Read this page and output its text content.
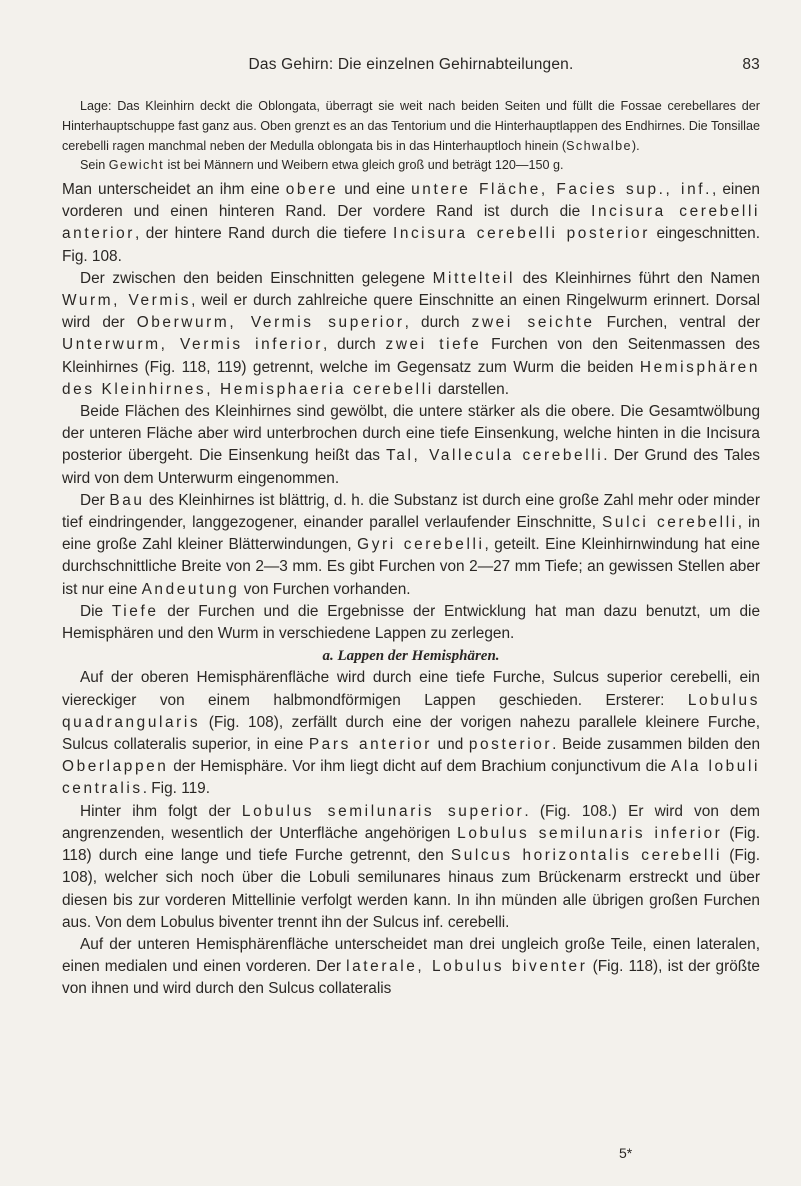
Das Gehirn: Die einzelnen Gehirnabteilungen.	83

Lage: Das Kleinhirn deckt die Oblongata, überragt sie weit nach beiden Seiten und füllt die Fossae cerebellares der Hinterhauptschuppe fast ganz aus. Oben grenzt es an das Tentorium und die Hinterhauptlappen des Endhirnes. Die Tonsillae cerebelli ragen manchmal neben der Medulla oblongata bis in das Hinterhauptloch hinein (Schwalbe).

Sein Gewicht ist bei Männern und Weibern etwa gleich groß und beträgt 120—150 g.

Man unterscheidet an ihm eine obere und eine untere Fläche, Facies sup., inf., einen vorderen und einen hinteren Rand. Der vordere Rand ist durch die Incisura cerebelli anterior, der hintere Rand durch die tiefere Incisura cerebelli posterior eingeschnitten. Fig. 108.

Der zwischen den beiden Einschnitten gelegene Mittelteil des Kleinhirnes führt den Namen Wurm, Vermis, weil er durch zahlreiche quere Einschnitte an einen Ringelwurm erinnert. Dorsal wird der Oberwurm, Vermis superior, durch zwei seichte Furchen, ventral der Unterwurm, Vermis inferior, durch zwei tiefe Furchen von den Seitenmassen des Kleinhirnes (Fig. 118, 119) getrennt, welche im Gegensatz zum Wurm die beiden Hemisphären des Kleinhirnes, Hemisphaeria cerebelli darstellen.

Beide Flächen des Kleinhirnes sind gewölbt, die untere stärker als die obere. Die Gesamtwölbung der unteren Fläche aber wird unterbrochen durch eine tiefe Einsenkung, welche hinten in die Incisura posterior übergeht. Die Einsenkung heißt das Tal, Vallecula cerebelli. Der Grund des Tales wird von dem Unterwurm eingenommen.

Der Bau des Kleinhirnes ist blättrig, d. h. die Substanz ist durch eine große Zahl mehr oder minder tief eindringender, langgezogener, einander parallel verlaufender Einschnitte, Sulci cerebelli, in eine große Zahl kleiner Blätterwindungen, Gyri cerebelli, geteilt. Eine Kleinhirnwindung hat eine durchschnittliche Breite von 2—3 mm. Es gibt Furchen von 2—27 mm Tiefe; an gewissen Stellen aber ist nur eine Andeutung von Furchen vorhanden.

Die Tiefe der Furchen und die Ergebnisse der Entwicklung hat man dazu benutzt, um die Hemisphären und den Wurm in verschiedene Lappen zu zerlegen.

a. Lappen der Hemisphären.

Auf der oberen Hemisphärenfläche wird durch eine tiefe Furche, Sulcus superior cerebelli, ein viereckiger von einem halbmondförmigen Lappen geschieden. Ersterer: Lobulus quadrangularis (Fig. 108), zerfällt durch eine der vorigen nahezu parallele kleinere Furche, Sulcus collateralis superior, in eine Pars anterior und posterior. Beide zusammen bilden den Oberlappen der Hemisphäre. Vor ihm liegt dicht auf dem Brachium conjunctivum die Ala lobuli centralis. Fig. 119.

Hinter ihm folgt der Lobulus semilunaris superior. (Fig. 108.) Er wird von dem angrenzenden, wesentlich der Unterfläche angehörigen Lobulus semilunaris inferior (Fig. 118) durch eine lange und tiefe Furche getrennt, den Sulcus horizontalis cerebelli (Fig. 108), welcher sich noch über die Lobuli semilunares hinaus zum Brückenarm erstreckt und über diesen bis zur vorderen Mittellinie verfolgt werden kann. In ihn münden alle übrigen großen Furchen aus. Von dem Lobulus biventer trennt ihn der Sulcus inf. cerebelli.

Auf der unteren Hemisphärenfläche unterscheidet man drei ungleich große Teile, einen lateralen, einen medialen und einen vorderen. Der laterale, Lobulus biventer (Fig. 118), ist der größte von ihnen und wird durch den Sulcus collateralis

5*
